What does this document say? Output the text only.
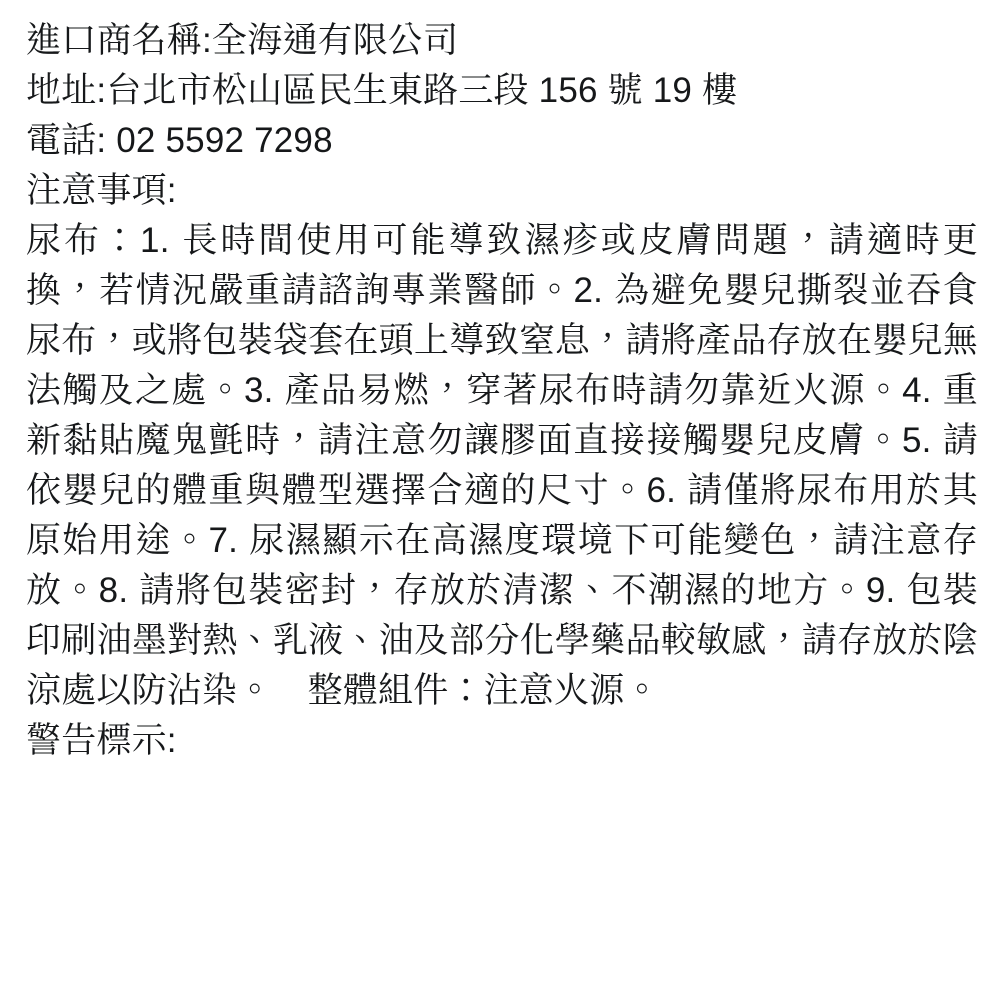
進口商名稱:全海通有限公司
地址:台北市松山區民生東路三段 156 號 19 樓
電話: 02 5592 7298
注意事項:
尿布：1. 長時間使用可能導致濕疹或皮膚問題，請適時更換，若情況嚴重請諮詢專業醫師。2. 為避免嬰兒撕裂並吞食尿布，或將包裝袋套在頭上導致窒息，請將產品存放在嬰兒無法觸及之處。3. 產品易燃，穿著尿布時請勿靠近火源。4. 重新黏貼魔鬼氈時，請注意勿讓膠面直接接觸嬰兒皮膚。5. 請依嬰兒的體重與體型選擇合適的尺寸。6. 請僅將尿布用於其原始用途。7. 尿濕顯示在高濕度環境下可能變色，請注意存放。8. 請將包裝密封，存放於清潔、不潮濕的地方。9. 包裝印刷油墨對熱、乳液、油及部分化學藥品較敏感，請存放於陰涼處以防沾染。　整體組件：注意火源。
警告標示:
